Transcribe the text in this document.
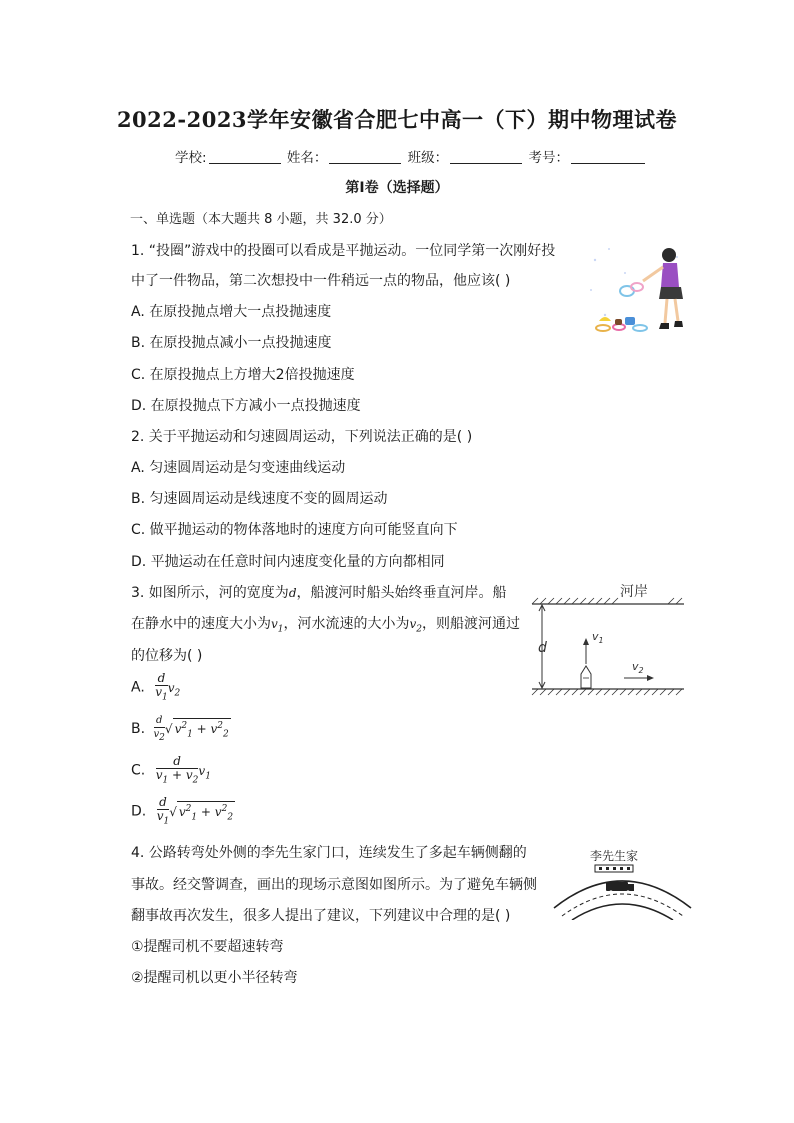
2022-2023学年安徽省合肥七中高一（下）期中物理试卷
学校:	姓名：	班级：	考号：
第I卷（选择题）
一、单选题（本大题共 8 小题，共 32.0 分）
1. “投圈”游戏中的投圈可以看成是平抛运动。一位同学第一次刚好投
中了一件物品，第二次想投中一件稍远一点的物品，他应该( )
A. 在原投抛点增大一点投抛速度
B. 在原投抛点减小一点投抛速度
C. 在原投抛点上方增大2倍投抛速度
D. 在原投抛点下方减小一点投抛速度
2. 关于平抛运动和匀速圆周运动，下列说法正确的是( )
A. 匀速圆周运动是匀变速曲线运动
B. 匀速圆周运动是线速度不变的圆周运动
C. 做平抛运动的物体落地时的速度方向可能竖直向下
D. 平抛运动在任意时间内速度变化量的方向都相同
3. 如图所示，河的宽度为d，船渡河时船头始终垂直河岸。船
在静水中的速度大小为$v_1$，河水流速的大小为$v_2$，则船渡河通过
的位移为( )
A. $\frac{d}{v_1} v_2$
B. $\frac{d}{v_2}$ √ $v^2_1 + v^2_2$
C. $\frac{d}{v_1 + v_2} v_1$
D. $\frac{d}{v_1}$ √ $v^2_1 + v^2_2$
河岸
d
$v_1$
$v_2$
4. 公路转弯处外侧的李先生家门口，连续发生了多起车辆侧翻的
事故。经交警调查，画出的现场示意图如图所示。为了避免车辆侧
翻事故再次发生，很多人提出了建议，下列建议中合理的是( )
①提醒司机不要超速转弯
②提醒司机以更小半径转弯
李先生家
